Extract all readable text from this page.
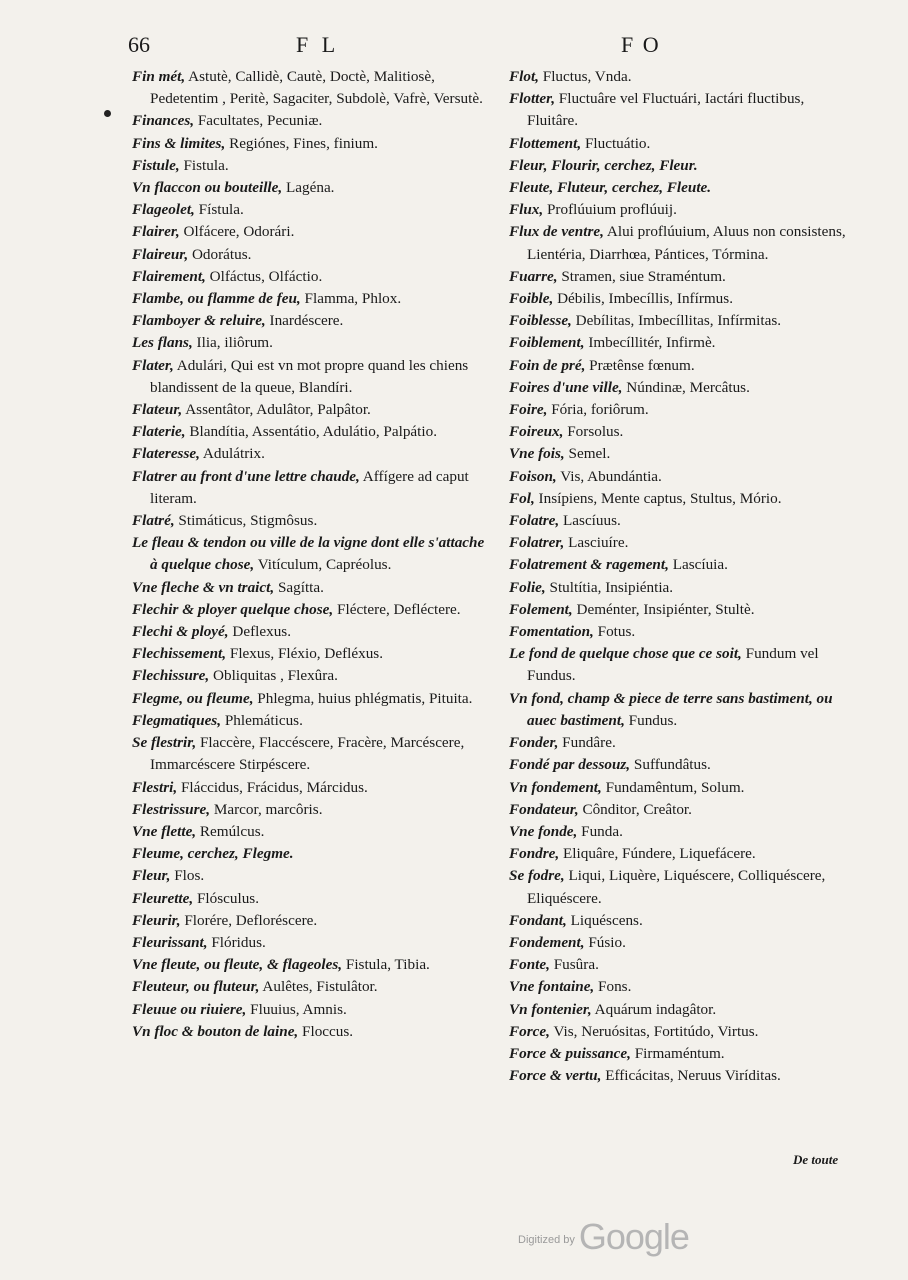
66	F L	F O
Fin mét, Astutè, Callidè, Cautè, Doctè, Malitiosè, Pedetentim , Peritè, Sagaciter, Subdolè, Vafrè, Versutè.
Finances, Facultates, Pecuniæ.
Fins & limites, Regiónes, Fines, finium.
Fistule, Fistula.
Vn flaccon ou bouteille, Lagéna.
Flageolet, Fístula.
Flairer, Olfácere, Odorári.
Flaireur, Odorátus.
Flairement, Olfáctus, Olfáctio.
Flambe, ou flamme de feu, Flamma, Phlox.
Flamboyer & reluire, Inardéscere.
Les flans, Ilia, iliôrum.
Flater, Adulári, Qui est vn mot propre quand les chiens blandissent de la queue, Blandíri.
Flateur, Assentâtor, Adulâtor, Palpâtor.
Flaterie, Blandítia, Assentátio, Adulátio, Palpátio.
Flateresse, Adulátrix.
Flatrer au front d'une lettre chaude, Affígere ad caput literam.
Flatré, Stimáticus, Stigmôsus.
Le fleau & tendon ou ville de la vigne dont elle s'attache à quelque chose, Vitículum, Capréolus.
Vne fleche & vn traict, Sagítta.
Flechir & ployer quelque chose, Fléctere, Defléctere.
Flechi & ployé, Deflexus.
Flechissement, Flexus, Fléxio, Defléxus.
Flechissure, Obliquitas , Flexûra.
Flegme, ou fleume, Phlegma, huius phlégmatis, Pituita.
Flegmatiques, Phlemáticus.
Se flestrir, Flaccère, Flaccéscere, Fracère, Marcéscere, Immarcéscere Stirpéscere.
Flestri, Fláccidus, Frácidus, Márcidus.
Flestrissure, Marcor, marcôris.
Vne flette, Remúlcus.
Fleume, cerchez, Flegme.
Fleur, Flos.
Fleurette, Flósculus.
Fleurir, Florére, Defloréscere.
Fleurissant, Flóridus.
Vne fleute, ou fleute, & flageoles, Fistula, Tibia.
Fleuteur, ou fluteur, Aulêtes, Fistulâtor.
Fleuue ou riuiere, Fluuius, Amnis.
Vn floc & bouton de laine, Floccus.
Flot, Fluctus, Vnda.
Flotter, Fluctuâre vel Fluctuári, Iactári fluctibus, Fluitâre.
Flottement, Fluctuátio.
Fleur, Flourir, cerchez, Fleur.
Fleute, Fluteur, cerchez, Fleute.
Flux, Proflúuium proflúuij.
Flux de ventre, Alui proflúuium, Aluus non consistens, Lientéria, Diarrhœa, Pántices, Tórmina.
Fuarre, Stramen, siue Straméntum.
Foible, Débilis, Imbecíllis, Infírmus.
Foiblesse, Debílitas, Imbecíllitas, Infírmitas.
Foiblement, Imbecíllitér, Infirmè.
Foin de pré, Prætênse fœnum.
Foires d'une ville, Núndinæ, Mercâtus.
Foire, Fória, foriôrum.
Foireux, Forsolus.
Vne fois, Semel.
Foison, Vis, Abundántia.
Fol, Insípiens, Mente captus, Stultus, Mório.
Folatre, Lascíuus.
Folatrer, Lasciuíre.
Folatrement & ragement, Lascíuia.
Folie, Stultítia, Insipiéntia.
Folement, Deménter, Insipiénter, Stultè.
Fomentation, Fotus.
Le fond de quelque chose que ce soit, Fundum vel Fundus.
Vn fond, champ & piece de terre sans bastiment, ou auec bastiment, Fundus.
Fonder, Fundâre.
Fondé par dessouz, Suffundâtus.
Vn fondement, Fundamêntum, Solum.
Fondateur, Cônditor, Creâtor.
Vne fonde, Funda.
Fondre, Eliquâre, Fúndere, Liquefácere.
Se fodre, Liqui, Liquère, Liquéscere, Colliquéscere, Eliquéscere.
Fondant, Liquéscens.
Fondement, Fúsio.
Fonte, Fusûra.
Vne fontaine, Fons.
Vn fontenier, Aquárum indagâtor.
Force, Vis, Neruósitas, Fortitúdo, Virtus.
Force & puissance, Firmaméntum.
Force & vertu, Efficácitas, Neruus Viríditas.
De toute
$^{Digitized by}$ Google
